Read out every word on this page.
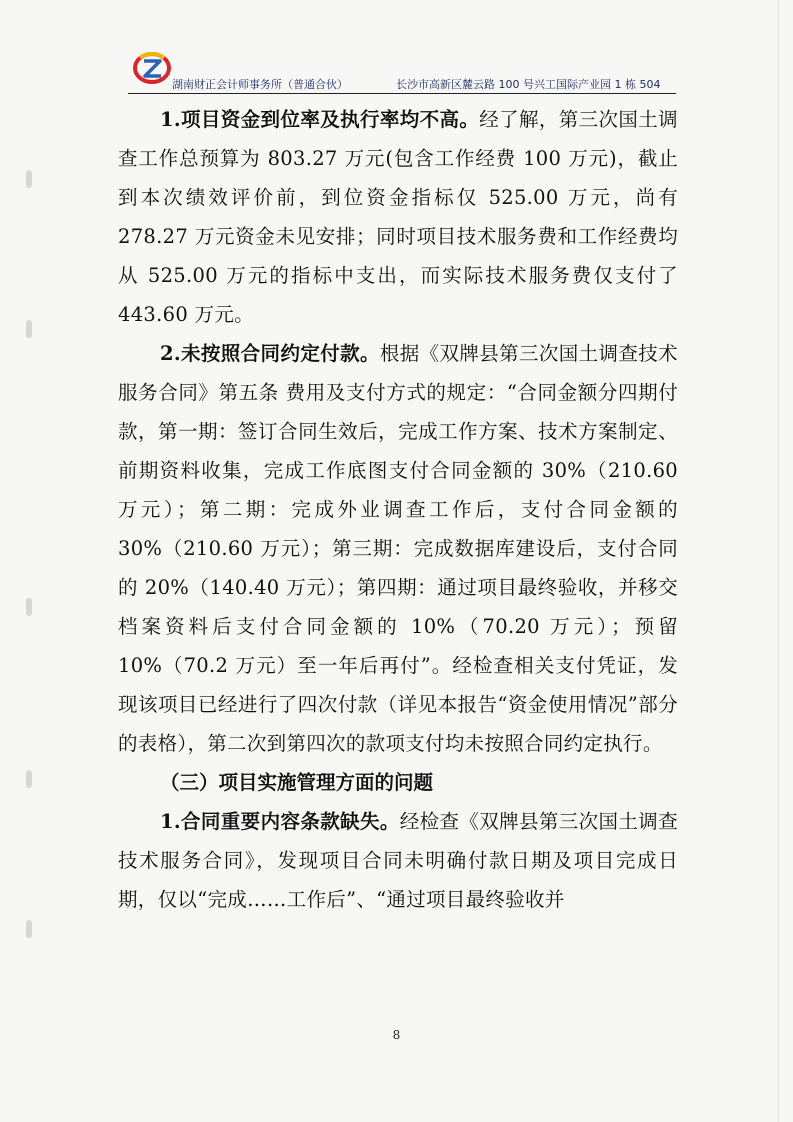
湖南财正会计师事务所（普通合伙）	长沙市高新区麓云路 100 号兴工国际产业园 1 栋 504

1.项目资金到位率及执行率均不高。经了解，第三次国土调查工作总预算为 803.27 万元(包含工作经费 100 万元)，截止到本次绩效评价前，到位资金指标仅 525.00 万元，尚有 278.27 万元资金未见安排；同时项目技术服务费和工作经费均从 525.00 万元的指标中支出，而实际技术服务费仅支付了 443.60 万元。

2.未按照合同约定付款。根据《双牌县第三次国土调查技术服务合同》第五条 费用及支付方式的规定：“合同金额分四期付款，第一期：签订合同生效后，完成工作方案、技术方案制定、前期资料收集，完成工作底图支付合同金额的 30%（210.60 万元）；第二期：完成外业调查工作后，支付合同金额的 30%（210.60 万元）；第三期：完成数据库建设后，支付合同的 20%（140.40 万元）；第四期：通过项目最终验收，并移交档案资料后支付合同金额的 10%（70.20 万元）；预留 10%（70.2 万元）至一年后再付”。经检查相关支付凭证，发现该项目已经进行了四次付款（详见本报告“资金使用情况”部分的表格），第二次到第四次的款项支付均未按照合同约定执行。

（三）项目实施管理方面的问题

1.合同重要内容条款缺失。经检查《双牌县第三次国土调查技术服务合同》，发现项目合同未明确付款日期及项目完成日期，仅以“完成……工作后”、“通过项目最终验收并

8
